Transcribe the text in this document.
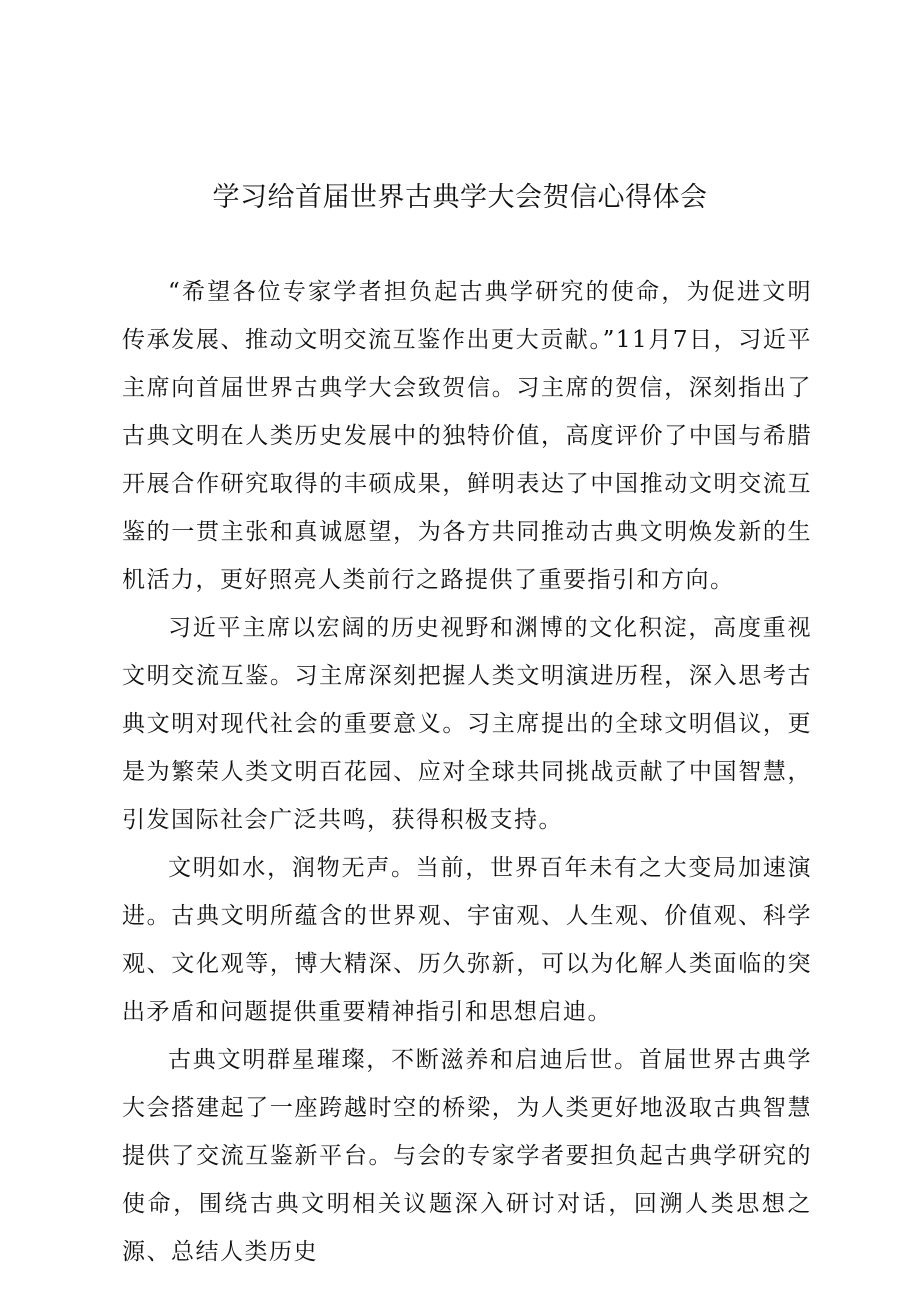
学习给首届世界古典学大会贺信心得体会

“希望各位专家学者担负起古典学研究的使命，为促进文明传承发展、推动文明交流互鉴作出更大贡献。”11月7日，习近平主席向首届世界古典学大会致贺信。习主席的贺信，深刻指出了古典文明在人类历史发展中的独特价值，高度评价了中国与希腊开展合作研究取得的丰硕成果，鲜明表达了中国推动文明交流互鉴的一贯主张和真诚愿望，为各方共同推动古典文明焕发新的生机活力，更好照亮人类前行之路提供了重要指引和方向。

习近平主席以宏阔的历史视野和渊博的文化积淀，高度重视文明交流互鉴。习主席深刻把握人类文明演进历程，深入思考古典文明对现代社会的重要意义。习主席提出的全球文明倡议，更是为繁荣人类文明百花园、应对全球共同挑战贡献了中国智慧，引发国际社会广泛共鸣，获得积极支持。

文明如水，润物无声。当前，世界百年未有之大变局加速演进。古典文明所蕴含的世界观、宇宙观、人生观、价值观、科学观、文化观等，博大精深、历久弥新，可以为化解人类面临的突出矛盾和问题提供重要精神指引和思想启迪。

古典文明群星璀璨，不断滋养和启迪后世。首届世界古典学大会搭建起了一座跨越时空的桥梁，为人类更好地汲取古典智慧提供了交流互鉴新平台。与会的专家学者要担负起古典学研究的使命，围绕古典文明相关议题深入研讨对话，回溯人类思想之源、总结人类历史
